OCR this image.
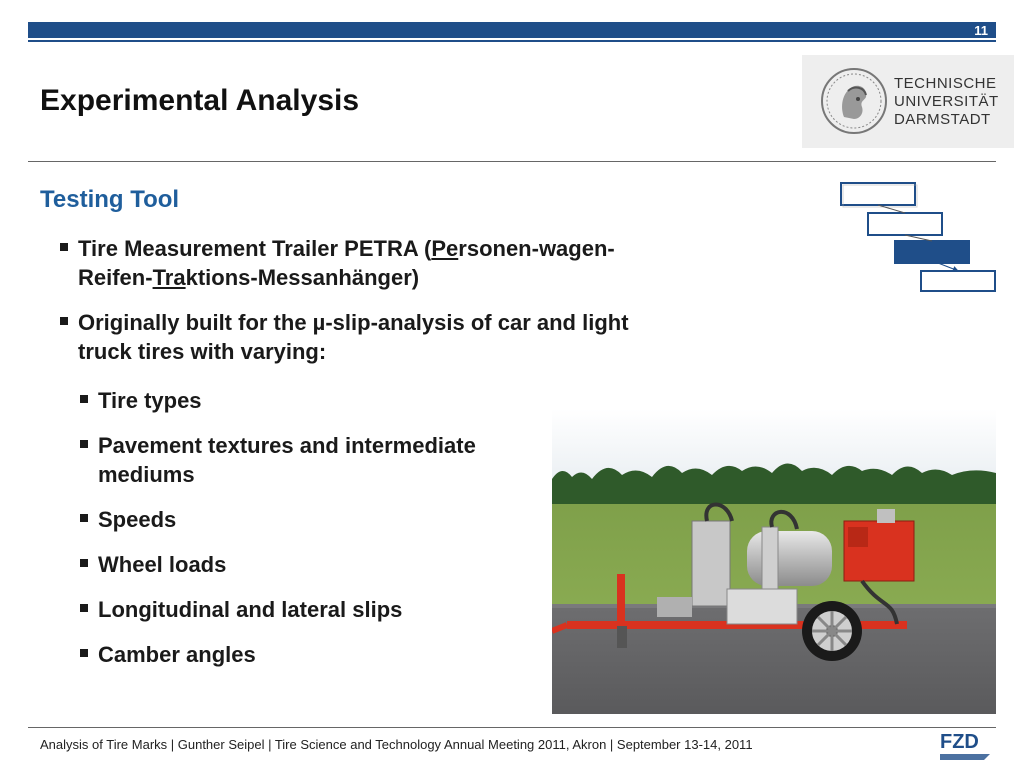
11
Experimental Analysis
TECHNISCHE
UNIVERSITÄT
DARMSTADT
Testing Tool
Tire Measurement Trailer PETRA (Personen-wagen-Reifen-Traktions-Messanhänger)
Originally built for the µ-slip-analysis of car and light truck tires with varying:
Tire types
Pavement textures and intermediate mediums
Speeds
Wheel loads
Longitudinal and lateral slips
Camber angles
Analysis of Tire Marks | Gunther Seipel | Tire Science and Technology Annual Meeting 2011, Akron | September 13-14, 2011	FZD
